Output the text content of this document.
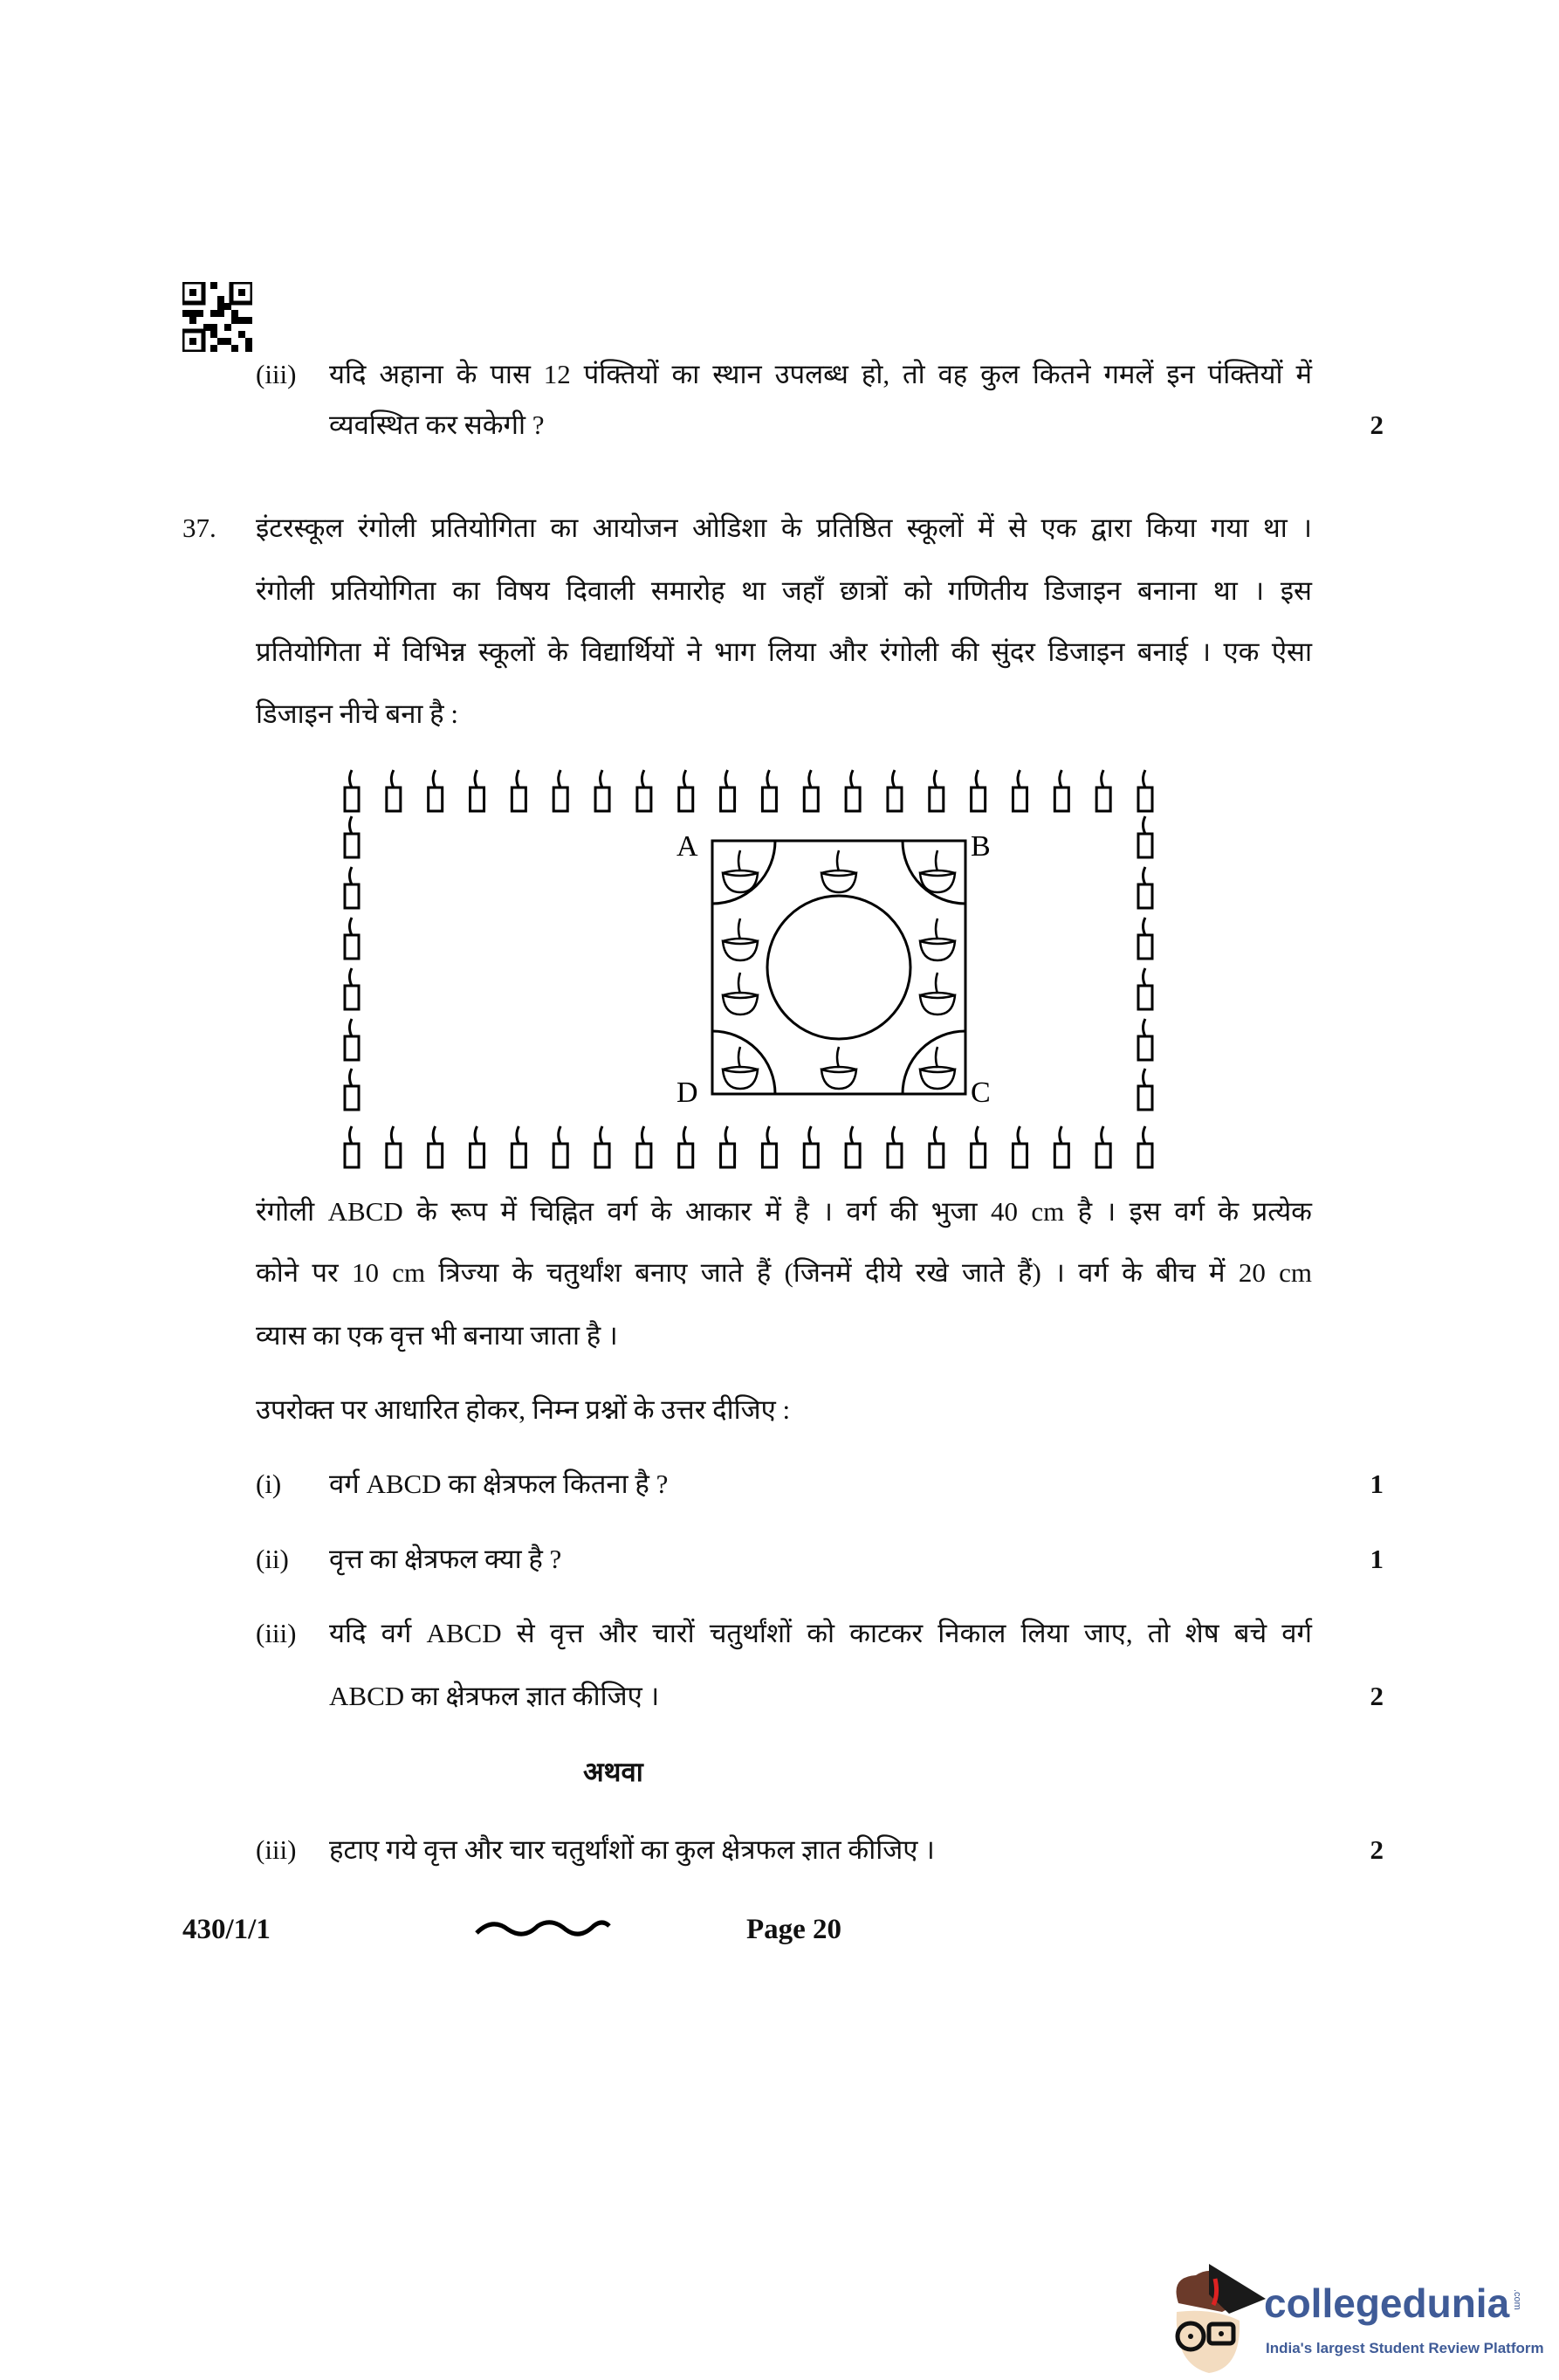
(iii) यदि अहाना के पास 12 पंक्तियों का स्थान उपलब्ध हो, तो वह कुल कितने गमलें इन पंक्तियों में
व्यवस्थित कर सकेगी ?	2
37. इंटरस्कूल रंगोली प्रतियोगिता का आयोजन ओडिशा के प्रतिष्ठित स्कूलों में से एक द्वारा किया गया था ।
रंगोली प्रतियोगिता का विषय दिवाली समारोह था जहाँ छात्रों को गणितीय डिजाइन बनाना था । इस
प्रतियोगिता में विभिन्न स्कूलों के विद्यार्थियों ने भाग लिया और रंगोली की सुंदर डिजाइन बनाई । एक ऐसा
डिजाइन नीचे बना है :
A	B
C
D
रंगोली ABCD के रूप में चिह्नित वर्ग के आकार में है । वर्ग की भुजा 40 cm है । इस वर्ग के प्रत्येक
कोने पर 10 cm त्रिज्या के चतुर्थांश बनाए जाते हैं (जिनमें दीये रखे जाते हैं) । वर्ग के बीच में 20 cm
व्यास का एक वृत्त भी बनाया जाता है ।
उपरोक्त पर आधारित होकर, निम्न प्रश्नों के उत्तर दीजिए :
(i) वर्ग ABCD का क्षेत्रफल कितना है ?	1
(ii) वृत्त का क्षेत्रफल क्या है ?	1
(iii) यदि वर्ग ABCD से वृत्त और चारों चतुर्थांशों को काटकर निकाल लिया जाए, तो शेष बचे वर्ग
ABCD का क्षेत्रफल ज्ञात कीजिए ।	2
अथवा
(iii) हटाए गये वृत्त और चार चतुर्थांशों का कुल क्षेत्रफल ज्ञात कीजिए ।	2
430/1/1	Page 20
collegedunia .com
India's largest Student Review Platform
